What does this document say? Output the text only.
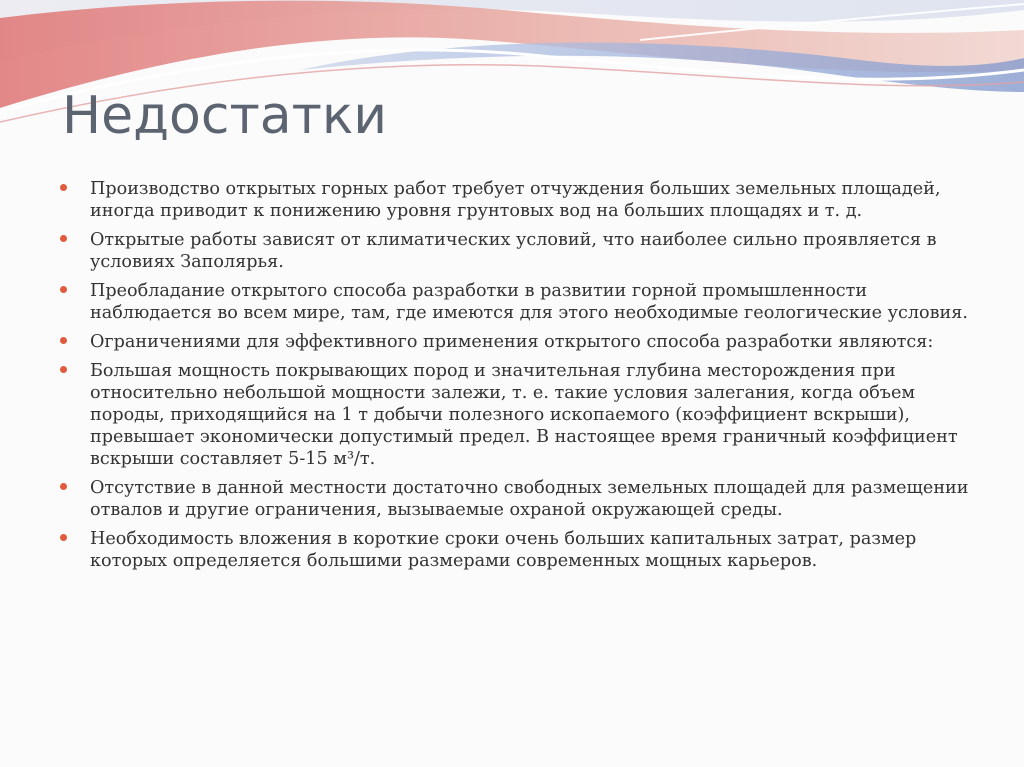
Недостатки
Производство открытых горных работ требует отчуждения больших земельных площадей, иногда приводит к понижению уровня грунтовых вод на больших площадях и т. д.
Открытые работы зависят от климатических условий, что наиболее сильно проявляется в условиях Заполярья.
Преобладание открытого способа разработки в развитии горной промышленности наблюдается во всем мире, там, где имеются для этого необходимые геологические условия.
Ограничениями для эффективного применения открытого способа разработки являются:
Большая мощность покрывающих пород и значительная глубина месторождения при относительно небольшой мощности залежи, т. е. такие условия залегания, когда объем породы, приходящийся на 1 т добычи полезного ископаемого (коэффициент вскрыши), превышает экономически допустимый предел. В настоящее время граничный коэффициент вскрыши составляет 5-15 м³/т.
Отсутствие в данной местности достаточно свободных земельных площадей для размещении отвалов и другие ограничения, вызываемые охраной окружающей среды.
Необходимость вложения в короткие сроки очень больших капитальных затрат, размер которых определяется большими размерами современных мощных карьеров.
